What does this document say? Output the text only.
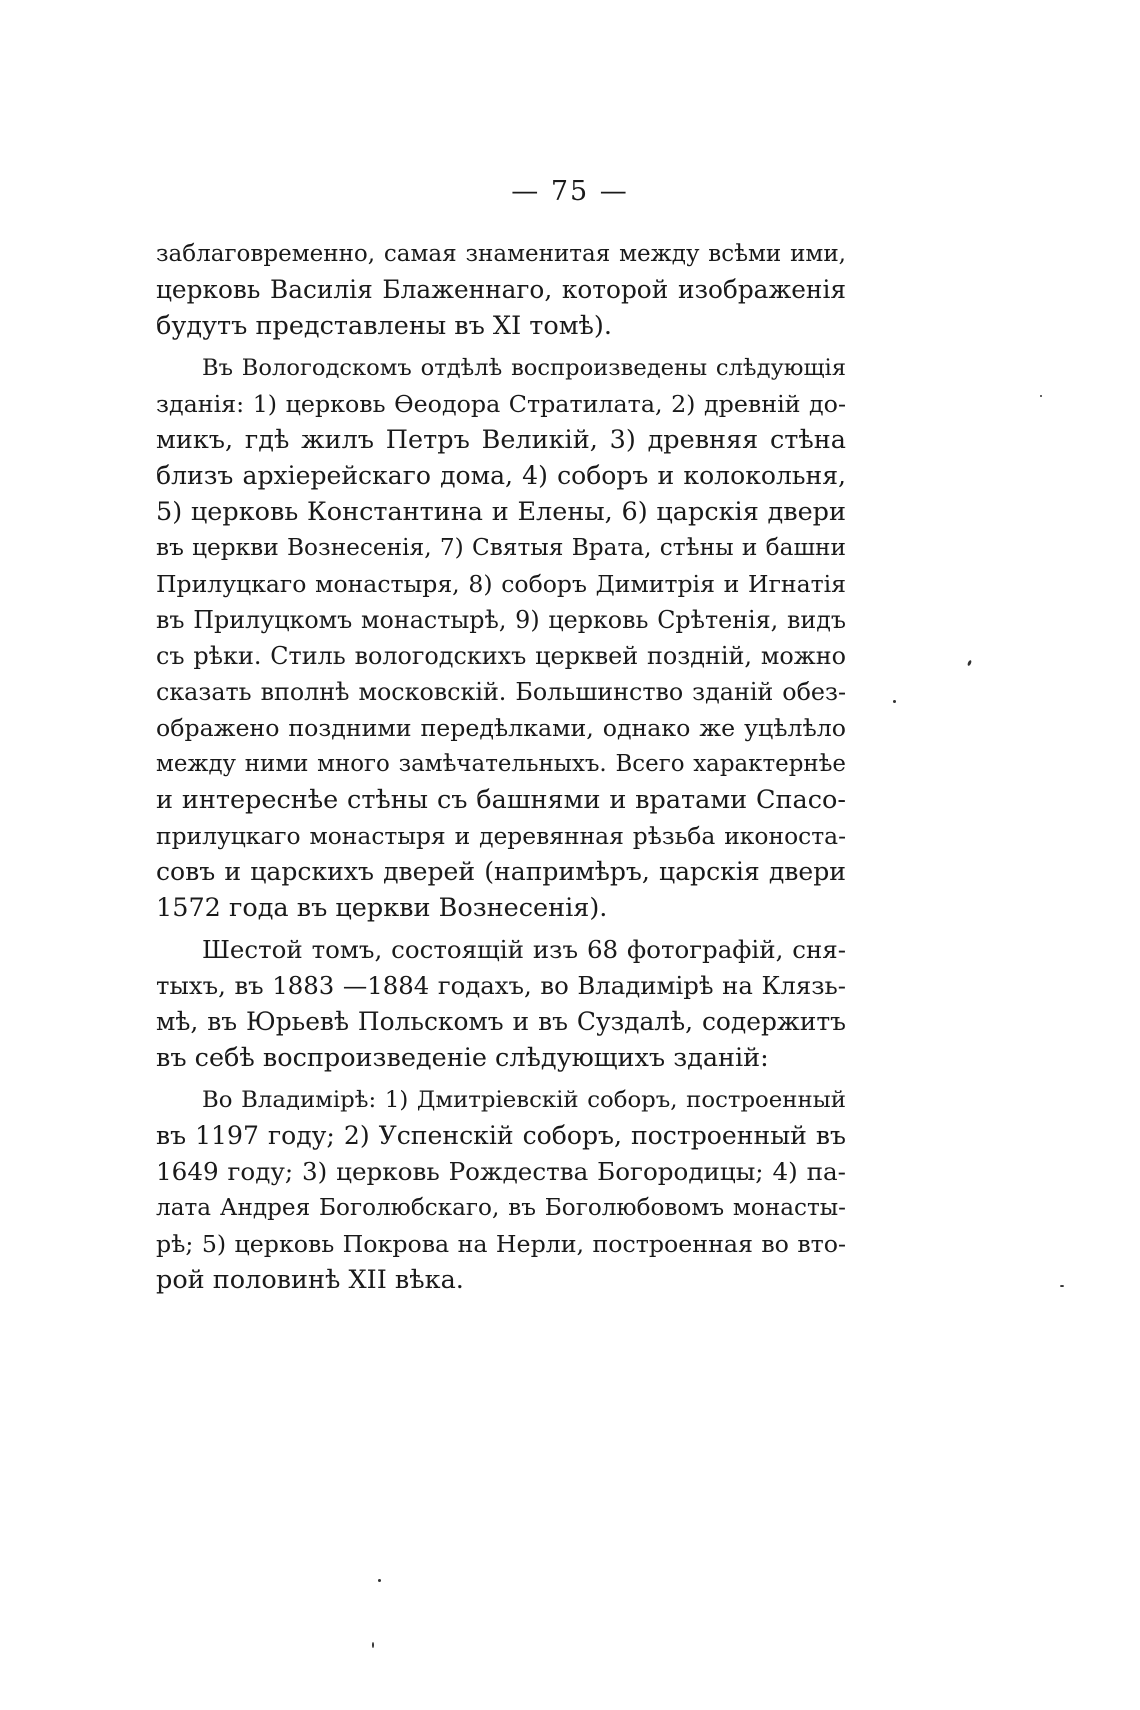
— 75 —
заблаговременно, самая знаменитая между всѣми ими,
церковь Василія Блаженнаго, которой изображенія
будутъ представлены въ XI томѣ).
Въ Вологодскомъ отдѣлѣ воспроизведены слѣдующія
зданія: 1) церковь Ѳеодора Стратилата, 2) древній до-
микъ, гдѣ жилъ Петръ Великій, 3) древняя стѣна
близъ архіерейскаго дома, 4) соборъ и колокольня,
5) церковь Константина и Елены, 6) царскія двери
въ церкви Вознесенія, 7) Святыя Врата, стѣны и башни
Прилуцкаго монастыря, 8) соборъ Димитрія и Игнатія
въ Прилуцкомъ монастырѣ, 9) церковь Срѣтенія, видъ
съ рѣки. Стиль вологодскихъ церквей поздній, можно
сказать вполнѣ московскій. Большинство зданій обез-
ображено поздними передѣлками, однако же уцѣлѣло
между ними много замѣчательныхъ. Всего характернѣе
и интереснѣе стѣны съ башнями и вратами Спасо-
прилуцкаго монастыря и деревянная рѣзьба иконоста-
совъ и царскихъ дверей (напримѣръ, царскія двери
1572 года въ церкви Вознесенія).
Шестой томъ, состоящій изъ 68 фотографій, сня-
тыхъ, въ 1883 —1884 годахъ, во Владимірѣ на Клязь-
мѣ, въ Юрьевѣ Польскомъ и въ Суздалѣ, содержитъ
въ себѣ воспроизведеніе слѣдующихъ зданій:
Во Владимірѣ: 1) Дмитріевскій соборъ, построенный
въ 1197 году; 2) Успенскій соборъ, построенный въ
1649 году; 3) церковь Рождества Богородицы; 4) па-
лата Андрея Боголюбскаго, въ Боголюбовомъ монасты-
рѣ; 5) церковь Покрова на Нерли, построенная во вто-
рой половинѣ XII вѣка.
